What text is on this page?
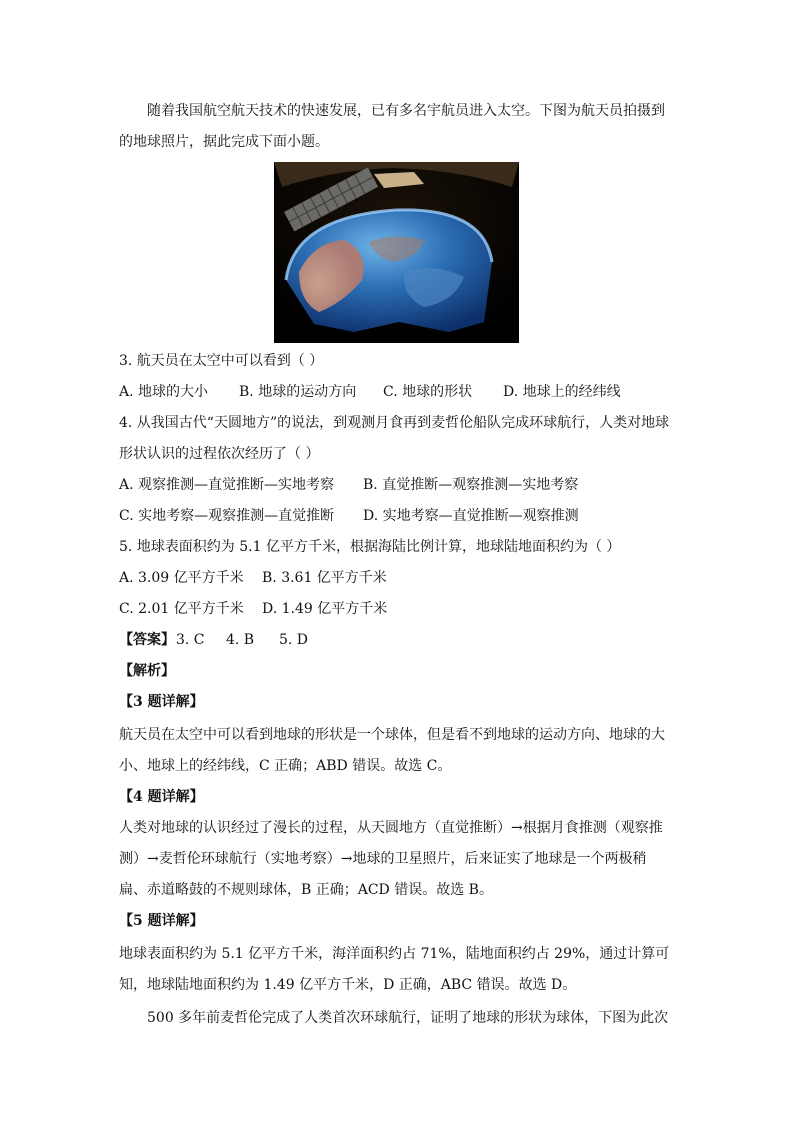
随着我国航空航天技术的快速发展，已有多名宇航员进入太空。下图为航天员拍摄到
的地球照片，据此完成下面小题。
3. 航天员在太空中可以看到（ ）
A. 地球的大小 B. 地球的运动方向 C. 地球的形状 D. 地球上的经纬线
4. 从我国古代“天圆地方”的说法，到观测月食再到麦哲伦船队完成环球航行，人类对地球
形状认识的过程依次经历了（ ）
A. 观察推测—直觉推断—实地考察 B. 直觉推断—观察推测—实地考察
C. 实地考察—观察推测—直觉推断 D. 实地考察—直觉推断—观察推测
5. 地球表面积约为 5.1 亿平方千米，根据海陆比例计算，地球陆地面积约为（ ）
A. 3.09 亿平方千米 B. 3.61 亿平方千米
C. 2.01 亿平方千米 D. 1.49 亿平方千米
【答案】 3. C 4. B 5. D
【解析】
【3 题详解】
航天员在太空中可以看到地球的形状是一个球体，但是看不到地球的运动方向、地球的大
小、地球上的经纬线，C 正确；ABD 错误。故选 C。
【4 题详解】
人类对地球的认识经过了漫长的过程，从天圆地方（直觉推断）→根据月食推测（观察推
测）→麦哲伦环球航行（实地考察）→地球的卫星照片，后来证实了地球是一个两极稍
扁、赤道略鼓的不规则球体，B 正确；ACD 错误。故选 B。
【5 题详解】
地球表面积约为 5.1 亿平方千米，海洋面积约占 71%，陆地面积约占 29%，通过计算可
知，地球陆地面积约为 1.49 亿平方千米，D 正确，ABC 错误。故选 D。
500 多年前麦哲伦完成了人类首次环球航行，证明了地球的形状为球体，下图为此次
